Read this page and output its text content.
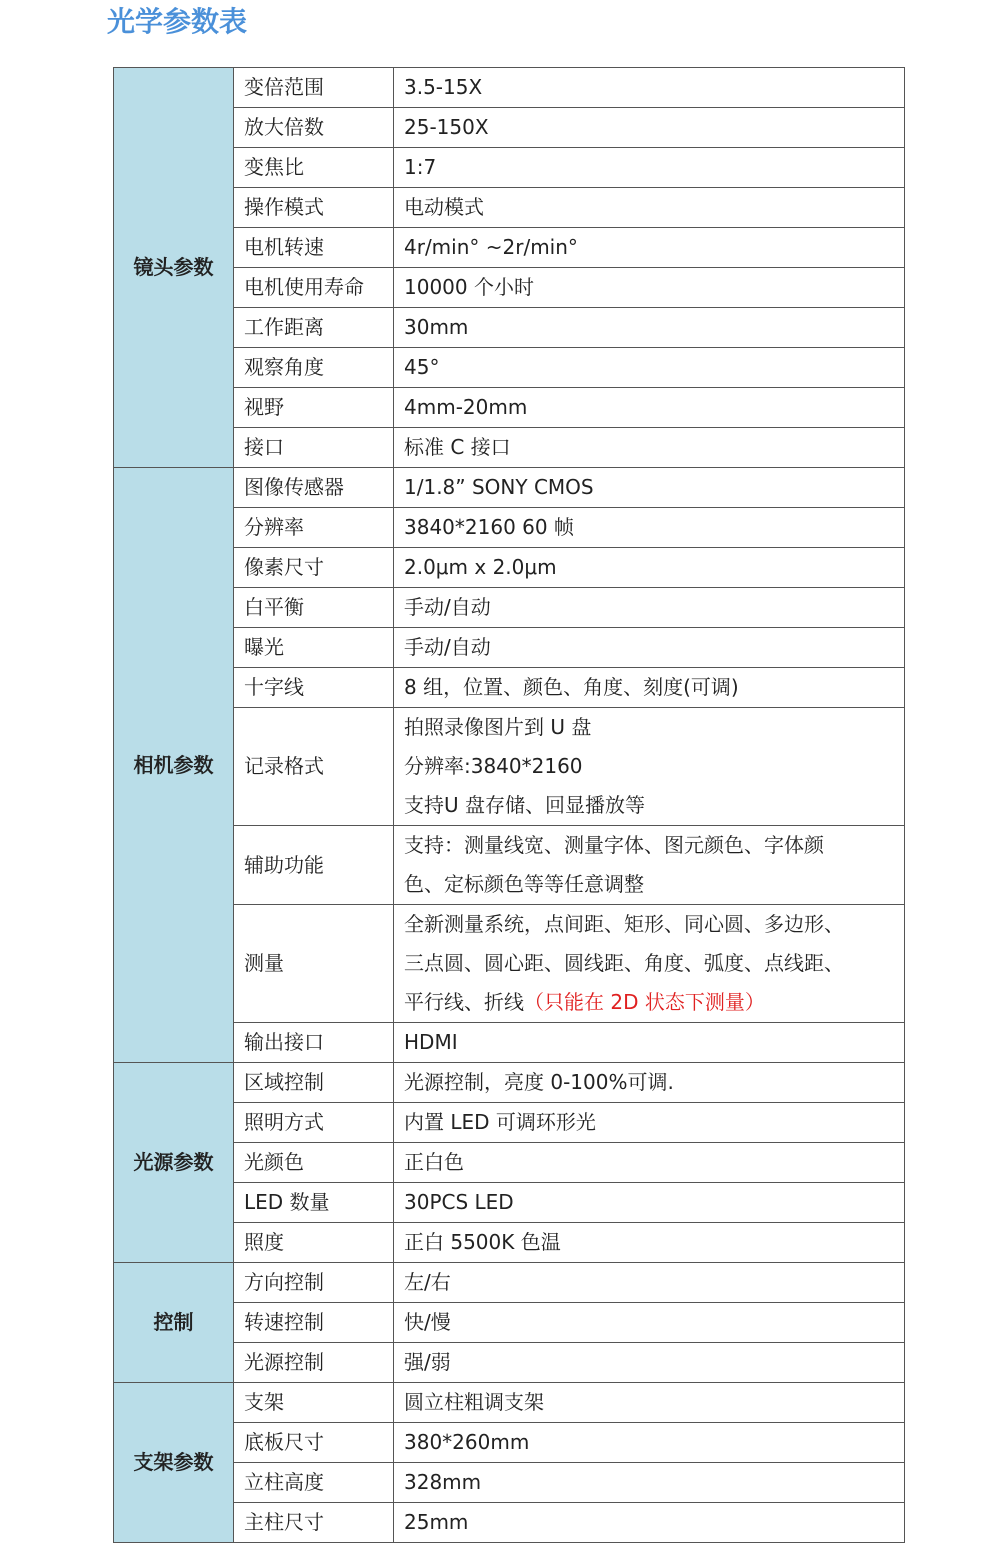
光学参数表
镜头参数	变倍范围	3.5-15X
	放大倍数	25-150X
	变焦比	1:7
	操作模式	电动模式
	电机转速	4r/min° ~2r/min°
	电机使用寿命	10000 个小时
	工作距离	30mm
	观察角度	45°
	视野	4mm-20mm
	接口	标准 C 接口
相机参数	图像传感器	1/1.8” SONY CMOS
	分辨率	3840*2160 60 帧
	像素尺寸	2.0μm x 2.0μm
	白平衡	手动/自动
	曝光	手动/自动
	十字线	8 组，位置、颜色、角度、刻度(可调)
	记录格式	拍照录像图片到 U 盘
分辨率:3840*2160
支持U 盘存储、回显播放等

	辅助功能	支持：测量线宽、测量字体、图元颜色、字体颜
色、定标颜色等等任意调整

	测量	全新测量系统，点间距、矩形、同心圆、多边形、
三点圆、圆心距、圆线距、角度、弧度、点线距、
平行线、折线（只能在 2D 状态下测量）

	输出接口	HDMI
光源参数	区域控制	光源控制，亮度 0-100%可调.
	照明方式	内置 LED 可调环形光
	光颜色	正白色
	LED 数量	30PCS LED
	照度	正白 5500K 色温
控制	方向控制	左/右
	转速控制	快/慢
	光源控制	强/弱
支架参数	支架	圆立柱粗调支架
	底板尺寸	380*260mm
	立柱高度	328mm
	主柱尺寸	25mm
